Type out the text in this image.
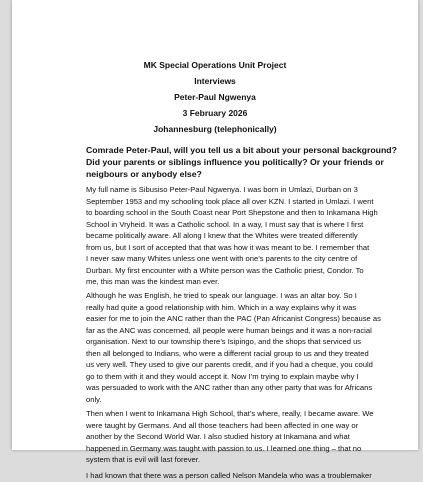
MK Special Operations Unit Project
Interviews
Peter-Paul Ngwenya
3 February 2026
Johannesburg (telephonically)
Comrade Peter-Paul, will you tell us a bit about your personal background?
Did your parents or siblings influence you politically? Or your friends or
neigbours or anybody else?
My full name is Sibusiso Peter-Paul Ngwenya. I was born in Umlazi, Durban on 3
September 1953 and my schooling took place all over KZN. I started in Umlazi. I went
to boarding school in the South Coast near Port Shepstone and then to Inkamana High
School in Vryheid. It was a Catholic school. In a way, I must say that is where I first
became politically aware. All along I knew that the Whites were treated differently
from us, but I sort of accepted that that was how it was meant to be. I remember that
I never saw many Whites unless one went with one’s parents to the city centre of
Durban. My first encounter with a White person was the Catholic priest, Condor. To
me, this man was the kindest man ever.
Although he was English, he tried to speak our language. I was an altar boy. So I
really had quite a good relationship with him. Which in a way explains why it was
easier for me to join the ANC rather than the PAC (Pan Africanist Congress) because as
far as the ANC was concerned, all people were human beings and it was a non-racial
organisation. Next to our township there’s Isipingo, and the shops that serviced us
then all belonged to Indians, who were a different racial group to us and they treated
us very well. They used to give our parents credit, and if you had a cheque, you could
go to them with it and they would accept it. Now I’m trying to explain maybe why I
was persuaded to work with the ANC rather than any other party that was for Africans
only.
Then when I went to Inkamana High School, that’s where, really, I became aware. We
were taught by Germans. And all those teachers had been affected in one way or
another by the Second World War. I also studied history at Inkamana and what
happened in Germany was taught with passion to us. I learned one thing – that no
system that is evil will last forever.
I had known that there was a person called Nelson Mandela who was a troublemaker
